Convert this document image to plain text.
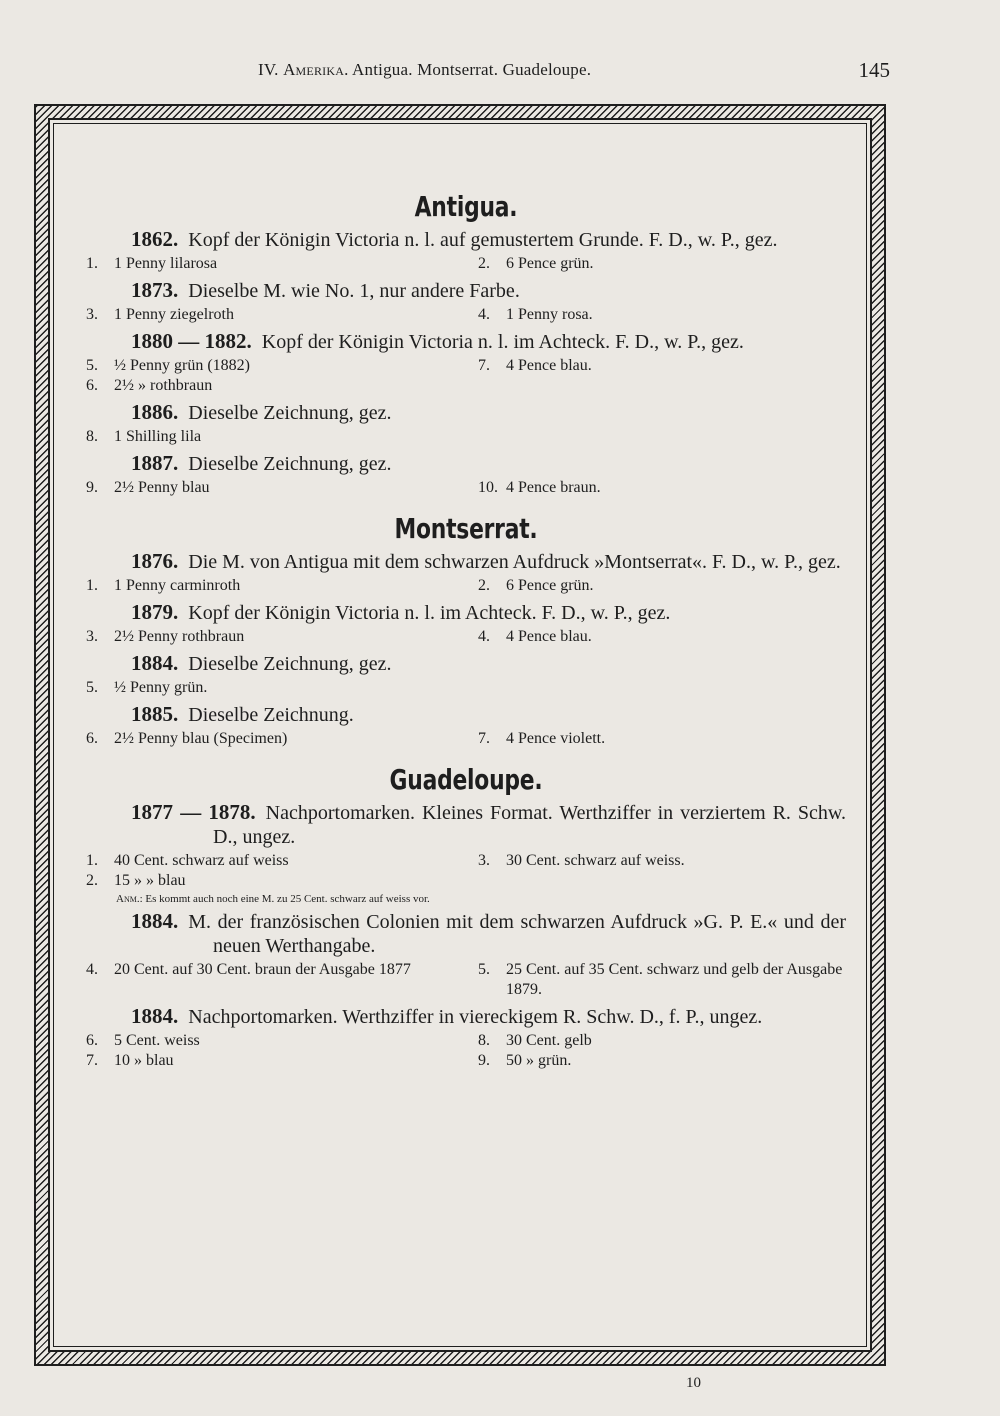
IV. Amerika. Antigua. Montserrat. Guadeloupe.	145
Antigua.
1862. Kopf der Königin Victoria n. l. auf gemustertem Grunde. F. D., w. P., gez.
1.	1 Penny lilarosa	2.	6 Pence grün.
1873. Dieselbe M. wie No. 1, nur andere Farbe.
3.	1 Penny ziegelroth	4.	1 Penny rosa.
1880 — 1882. Kopf der Königin Victoria n. l. im Achteck. F. D., w. P., gez.
5.	½ Penny grün (1882)	7.	4 Pence blau.
6.	2½ » rothbraun
1886. Dieselbe Zeichnung, gez.
8.	1 Shilling lila
1887. Dieselbe Zeichnung, gez.
9.	2½ Penny blau	10. 4 Pence braun.
Montserrat.
1876. Die M. von Antigua mit dem schwarzen Aufdruck »Montserrat«. F. D., w. P., gez.
1.	1 Penny carminroth	2.	6 Pence grün.
1879. Kopf der Königin Victoria n. l. im Achteck. F. D., w. P., gez.
3.	2½ Penny rothbraun	4.	4 Pence blau.
1884. Dieselbe Zeichnung, gez.
5.	½ Penny grün.
1885. Dieselbe Zeichnung.
6.	2½ Penny blau (Specimen)	7.	4 Pence violett.
Guadeloupe.
1877 — 1878. Nachportomarken. Kleines Format. Werthziffer in verziertem R. Schw. D., ungez.
1.	40 Cent. schwarz auf weiss	3.	30 Cent. schwarz auf weiss.
2.	15 » » blau
Anm.: Es kommt auch noch eine M. zu 25 Cent. schwarz auf weiss vor.
1884. M. der französischen Colonien mit dem schwarzen Aufdruck »G. P. E.« und der neuen Werthangabe.
4.	20 Cent. auf 30 Cent. braun der Ausgabe 1877	5.	25 Cent. auf 35 Cent. schwarz und gelb der Ausgabe 1879.
1884. Nachportomarken. Werthziffer in viereckigem R. Schw. D., f. P., ungez.
6.	5 Cent. weiss	8.	30 Cent. gelb
7.	10 » blau	9.	50 » grün.
10
